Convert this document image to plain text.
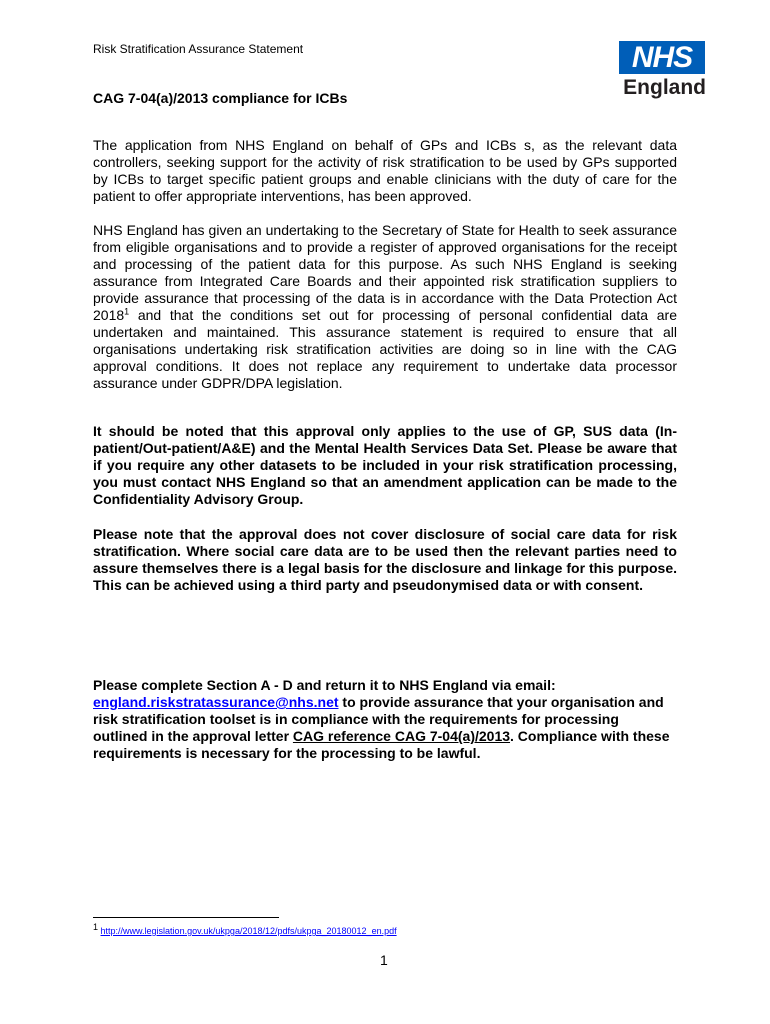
Risk Stratification Assurance Statement	NHS
England
CAG 7-04(a)/2013 compliance for ICBs
The application from NHS England on behalf of GPs and ICBs s, as the relevant data controllers, seeking support for the activity of risk stratification to be used by GPs supported by ICBs to target specific patient groups and enable clinicians with the duty of care for the patient to offer appropriate interventions, has been approved.
NHS England has given an undertaking to the Secretary of State for Health to seek assurance from eligible organisations and to provide a register of approved organisations for the receipt and processing of the patient data for this purpose. As such NHS England is seeking assurance from Integrated Care Boards and their appointed risk stratification suppliers to provide assurance that processing of the data is in accordance with the Data Protection Act 2018$^1$ and that the conditions set out for processing of personal confidential data are undertaken and maintained. This assurance statement is required to ensure that all organisations undertaking risk stratification activities are doing so in line with the CAG approval conditions. It does not replace any requirement to undertake data processor assurance under GDPR/DPA legislation.
It should be noted that this approval only applies to the use of GP, SUS data (In-patient/Out-patient/A&E) and the Mental Health Services Data Set. Please be aware that if you require any other datasets to be included in your risk stratification processing, you must contact NHS England so that an amendment application can be made to the Confidentiality Advisory Group.
Please note that the approval does not cover disclosure of social care data for risk stratification. Where social care data are to be used then the relevant parties need to assure themselves there is a legal basis for the disclosure and linkage for this purpose. This can be achieved using a third party and pseudonymised data or with consent.
Please complete Section A - D and return it to NHS England via email: england.riskstratassurance@nhs.net to provide assurance that your organisation and risk stratification toolset is in compliance with the requirements for processing outlined in the approval letter CAG reference CAG 7-04(a)/2013. Compliance with these requirements is necessary for the processing to be lawful.
$^1$ http://www.legislation.gov.uk/ukpga/2018/12/pdfs/ukpga_20180012_en.pdf
1
